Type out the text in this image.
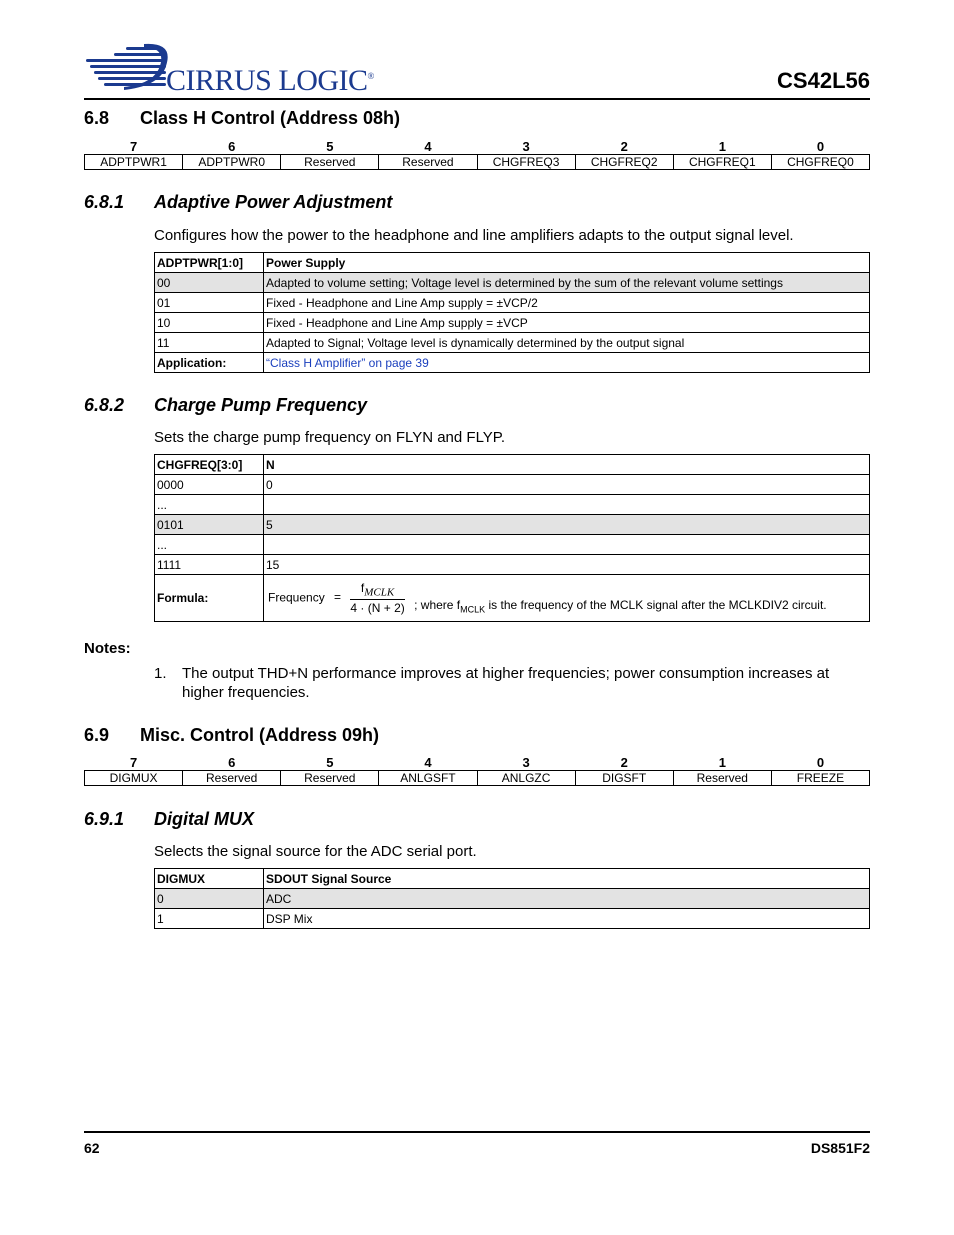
CIRRUS LOGIC®	CS42L56
6.8 Class H Control (Address 08h)
7	6	5	4	3	2	1	0
ADPTPWR1	ADPTPWR0	Reserved	Reserved	CHGFREQ3	CHGFREQ2	CHGFREQ1	CHGFREQ0
6.8.1 Adaptive Power Adjustment
Configures how the power to the headphone and line amplifiers adapts to the output signal level.
ADPTPWR[1:0]	Power Supply
00	Adapted to volume setting; Voltage level is determined by the sum of the relevant volume settings
01	Fixed - Headphone and Line Amp supply = ±VCP/2
10	Fixed - Headphone and Line Amp supply = ±VCP
11	Adapted to Signal; Voltage level is dynamically determined by the output signal
Application:	“Class H Amplifier” on page 39
6.8.2 Charge Pump Frequency
Sets the charge pump frequency on FLYN and FLYP.
CHGFREQ[3:0]	N
0000	0
...	
0101	5
...	
1111	15
Formula:	Frequency = $\frac{f_{MCLK}}{4 \cdot (N + 2)}$ ; where $f_{MCLK}$ is the frequency of the MCLK signal after the MCLKDIV2 circuit.
Notes:
1. The output THD+N performance improves at higher frequencies; power consumption increases at
higher frequencies.
6.9 Misc. Control (Address 09h)
7	6	5	4	3	2	1	0
DIGMUX	Reserved	Reserved	ANLGSFT	ANLGZC	DIGSFT	Reserved	FREEZE
6.9.1 Digital MUX
Selects the signal source for the ADC serial port.
DIGMUX	SDOUT Signal Source
0	ADC
1	DSP Mix
62	DS851F2
